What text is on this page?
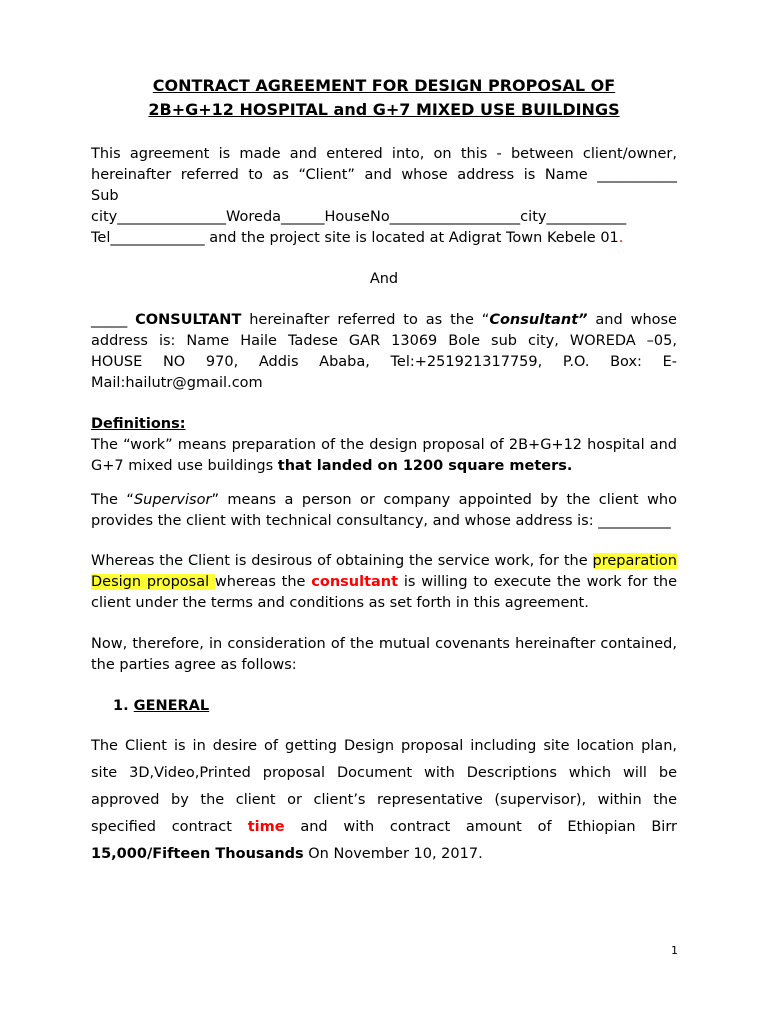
CONTRACT AGREEMENT FOR DESIGN PROPOSAL OF
2B+G+12 HOSPITAL and G+7 MIXED USE BUILDINGS

This agreement is made and entered into, on this - between client/owner,
hereinafter referred to as “Client” and whose address is Name ___________
Sub
city_______________Woreda______HouseNo__________________city___________
Tel_____________ and the project site is located at Adigrat Town Kebele 01.

And

_____ CONSULTANT hereinafter referred to as the “Consultant” and whose
address is: Name Haile Tadese GAR 13069 Bole sub city, WOREDA –05,
HOUSE NO 970, Addis Ababa, Tel:+251921317759, P.O. Box: E-
Mail:hailutr@gmail.com

Definitions:

The “work” means preparation of the design proposal of 2B+G+12 hospital and G+7 mixed use buildings that landed on 1200 square meters.

The “Supervisor” means a person or company appointed by the client who provides the client with technical consultancy, and whose address is: __________

Whereas the Client is desirous of obtaining the service work, for the preparation Design proposal whereas the consultant is willing to execute the work for the client under the terms and conditions as set forth in this agreement.

Now, therefore, in consideration of the mutual covenants hereinafter contained, the parties agree as follows:

1. GENERAL

The Client is in desire of getting Design proposal including site location plan, site 3D,Video,Printed proposal Document with Descriptions which will be approved by the client or client’s representative (supervisor), within the specified contract time and with contract amount of Ethiopian Birr 15,000/Fifteen Thousands On November 10, 2017.

1
